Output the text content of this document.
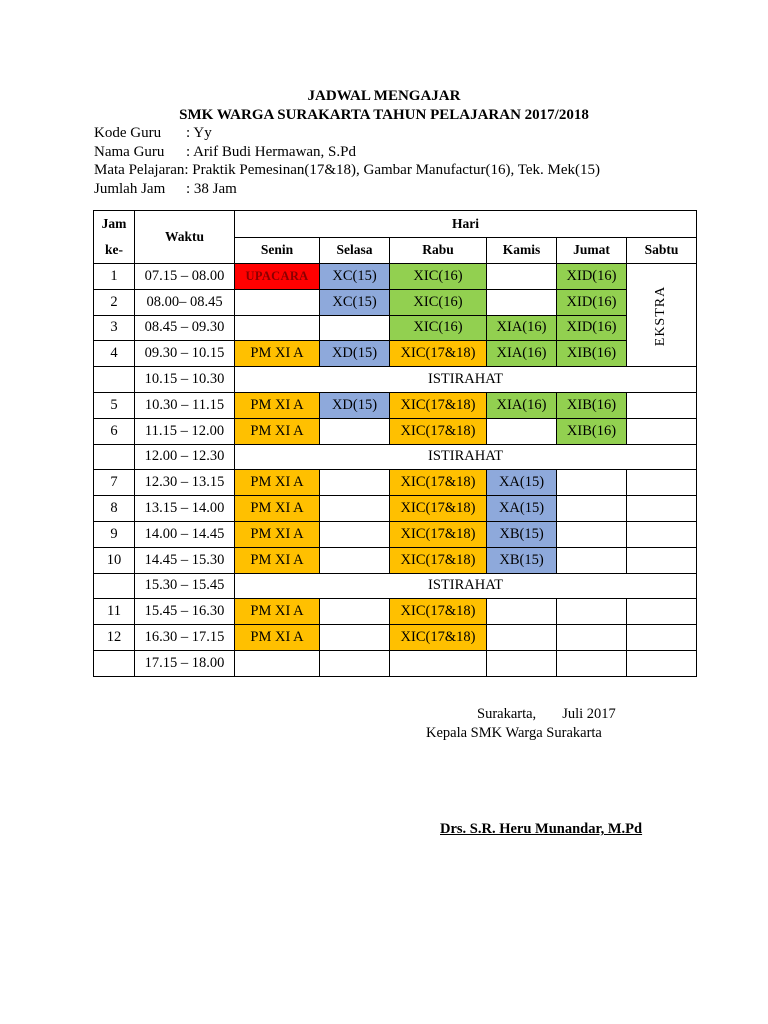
JADWAL MENGAJAR
SMK WARGA SURAKARTA TAHUN PELAJARAN 2017/2018
Kode Guru	: Yy
Nama Guru	: Arif Budi Hermawan, S.Pd
Mata Pelajaran: Praktik Pemesinan(17&18), Gambar Manufactur(16), Tek. Mek(15)
Jumlah Jam	: 38 Jam
Jam
ke-	Waktu	Hari					
		Senin	Selasa	Rabu	Kamis	Jumat	Sabtu
1	07.15 – 08.00	UPACARA	XC(15)	XIC(16)		XID(16)	EKSTRA
2	08.00– 08.45		XC(15)	XIC(16)		XID(16)	
3	08.45 – 09.30			XIC(16)	XIA(16)	XID(16)	
4	09.30 – 10.15	PM XI A	XD(15)	XIC(17&18)	XIA(16)	XIB(16)	
	10.15 – 10.30	ISTIRAHAT					
5	10.30 – 11.15	PM XI A	XD(15)	XIC(17&18)	XIA(16)	XIB(16)	
6	11.15 – 12.00	PM XI A		XIC(17&18)		XIB(16)	
	12.00 – 12.30	ISTIRAHAT					
7	12.30 – 13.15	PM XI A		XIC(17&18)	XA(15)		
8	13.15 – 14.00	PM XI A		XIC(17&18)	XA(15)		
9	14.00 – 14.45	PM XI A		XIC(17&18)	XB(15)		
10	14.45 – 15.30	PM XI A		XIC(17&18)	XB(15)		
	15.30 – 15.45	ISTIRAHAT					
11	15.45 – 16.30	PM XI A		XIC(17&18)			
12	16.30 – 17.15	PM XI A		XIC(17&18)			
	17.15 – 18.00						
Surakarta, Juli 2017
Kepala SMK Warga Surakarta
Drs. S.R. Heru Munandar, M.Pd
